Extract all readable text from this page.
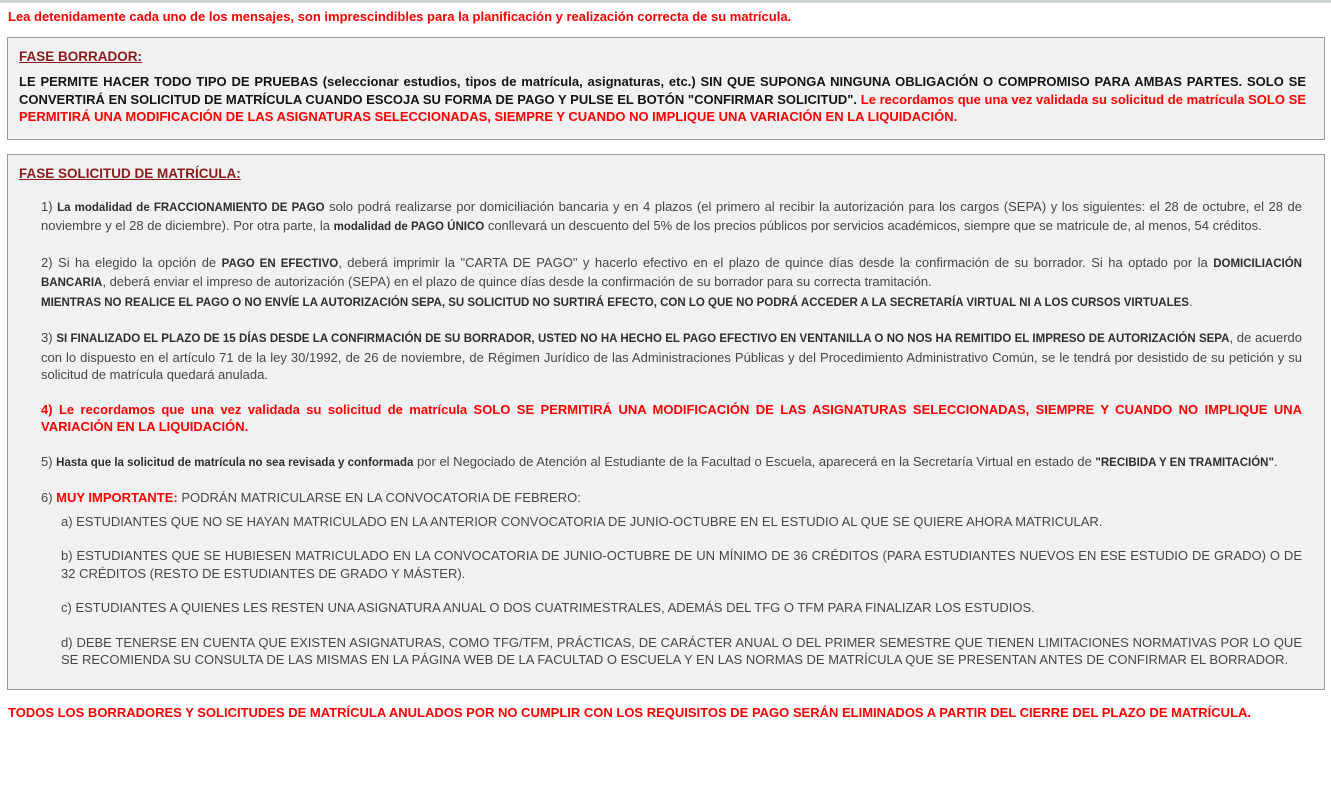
Lea detenidamente cada uno de los mensajes, son imprescindibles para la planificación y realización correcta de su matrícula.

FASE BORRADOR:

LE PERMITE HACER TODO TIPO DE PRUEBAS (seleccionar estudios, tipos de matrícula, asignaturas, etc.) SIN QUE SUPONGA NINGUNA OBLIGACIÓN O COMPROMISO PARA AMBAS PARTES. SOLO SE CONVERTIRÁ EN SOLICITUD DE MATRÍCULA CUANDO ESCOJA SU FORMA DE PAGO Y PULSE EL BOTÓN "CONFIRMAR SOLICITUD". Le recordamos que una vez validada su solicitud de matrícula SOLO SE PERMITIRÁ UNA MODIFICACIÓN DE LAS ASIGNATURAS SELECCIONADAS, SIEMPRE Y CUANDO NO IMPLIQUE UNA VARIACIÓN EN LA LIQUIDACIÓN.

FASE SOLICITUD DE MATRÍCULA:

1) La modalidad de FRACCIONAMIENTO DE PAGO solo podrá realizarse por domiciliación bancaria y en 4 plazos (el primero al recibir la autorización para los cargos (SEPA) y los siguientes: el 28 de octubre, el 28 de noviembre y el 28 de diciembre). Por otra parte, la modalidad de PAGO ÚNICO conllevará un descuento del 5% de los precios públicos por servicios académicos, siempre que se matricule de, al menos, 54 créditos.

2) Si ha elegido la opción de PAGO EN EFECTIVO, deberá imprimir la "CARTA DE PAGO" y hacerlo efectivo en el plazo de quince días desde la confirmación de su borrador. Si ha optado por la DOMICILIACIÓN BANCARIA, deberá enviar el impreso de autorización (SEPA) en el plazo de quince días desde la confirmación de su borrador para su correcta tramitación.
MIENTRAS NO REALICE EL PAGO O NO ENVÍE LA AUTORIZACIÓN SEPA, SU SOLICITUD NO SURTIRÁ EFECTO, CON LO QUE NO PODRÁ ACCEDER A LA SECRETARÍA VIRTUAL NI A LOS CURSOS VIRTUALES.

3) SI FINALIZADO EL PLAZO DE 15 DÍAS DESDE LA CONFIRMACIÓN DE SU BORRADOR, USTED NO HA HECHO EL PAGO EFECTIVO EN VENTANILLA O NO NOS HA REMITIDO EL IMPRESO DE AUTORIZACIÓN SEPA, de acuerdo con lo dispuesto en el artículo 71 de la ley 30/1992, de 26 de noviembre, de Régimen Jurídico de las Administraciones Públicas y del Procedimiento Administrativo Común, se le tendrá por desistido de su petición y su solicitud de matrícula quedará anulada.

4) Le recordamos que una vez validada su solicitud de matrícula SOLO SE PERMITIRÁ UNA MODIFICACIÓN DE LAS ASIGNATURAS SELECCIONADAS, SIEMPRE Y CUANDO NO IMPLIQUE UNA VARIACIÓN EN LA LIQUIDACIÓN.

5) Hasta que la solicitud de matrícula no sea revisada y conformada por el Negociado de Atención al Estudiante de la Facultad o Escuela, aparecerá en la Secretaría Virtual en estado de "RECIBIDA Y EN TRAMITACIÓN".

6) MUY IMPORTANTE: PODRÁN MATRICULARSE EN LA CONVOCATORIA DE FEBRERO:

a) ESTUDIANTES QUE NO SE HAYAN MATRICULADO EN LA ANTERIOR CONVOCATORIA DE JUNIO-OCTUBRE EN EL ESTUDIO AL QUE SE QUIERE AHORA MATRICULAR.

b) ESTUDIANTES QUE SE HUBIESEN MATRICULADO EN LA CONVOCATORIA DE JUNIO-OCTUBRE DE UN MÍNIMO DE 36 CRÉDITOS (PARA ESTUDIANTES NUEVOS EN ESE ESTUDIO DE GRADO) O DE 32 CRÉDITOS (RESTO DE ESTUDIANTES DE GRADO Y MÁSTER).

c) ESTUDIANTES A QUIENES LES RESTEN UNA ASIGNATURA ANUAL O DOS CUATRIMESTRALES, ADEMÁS DEL TFG O TFM PARA FINALIZAR LOS ESTUDIOS.

d) DEBE TENERSE EN CUENTA QUE EXISTEN ASIGNATURAS, COMO TFG/TFM, PRÁCTICAS, DE CARÁCTER ANUAL O DEL PRIMER SEMESTRE QUE TIENEN LIMITACIONES NORMATIVAS POR LO QUE SE RECOMIENDA SU CONSULTA DE LAS MISMAS EN LA PÁGINA WEB DE LA FACULTAD O ESCUELA Y EN LAS NORMAS DE MATRÍCULA QUE SE PRESENTAN ANTES DE CONFIRMAR EL BORRADOR.

TODOS LOS BORRADORES Y SOLICITUDES DE MATRÍCULA ANULADOS POR NO CUMPLIR CON LOS REQUISITOS DE PAGO SERÁN ELIMINADOS A PARTIR DEL CIERRE DEL PLAZO DE MATRÍCULA.
